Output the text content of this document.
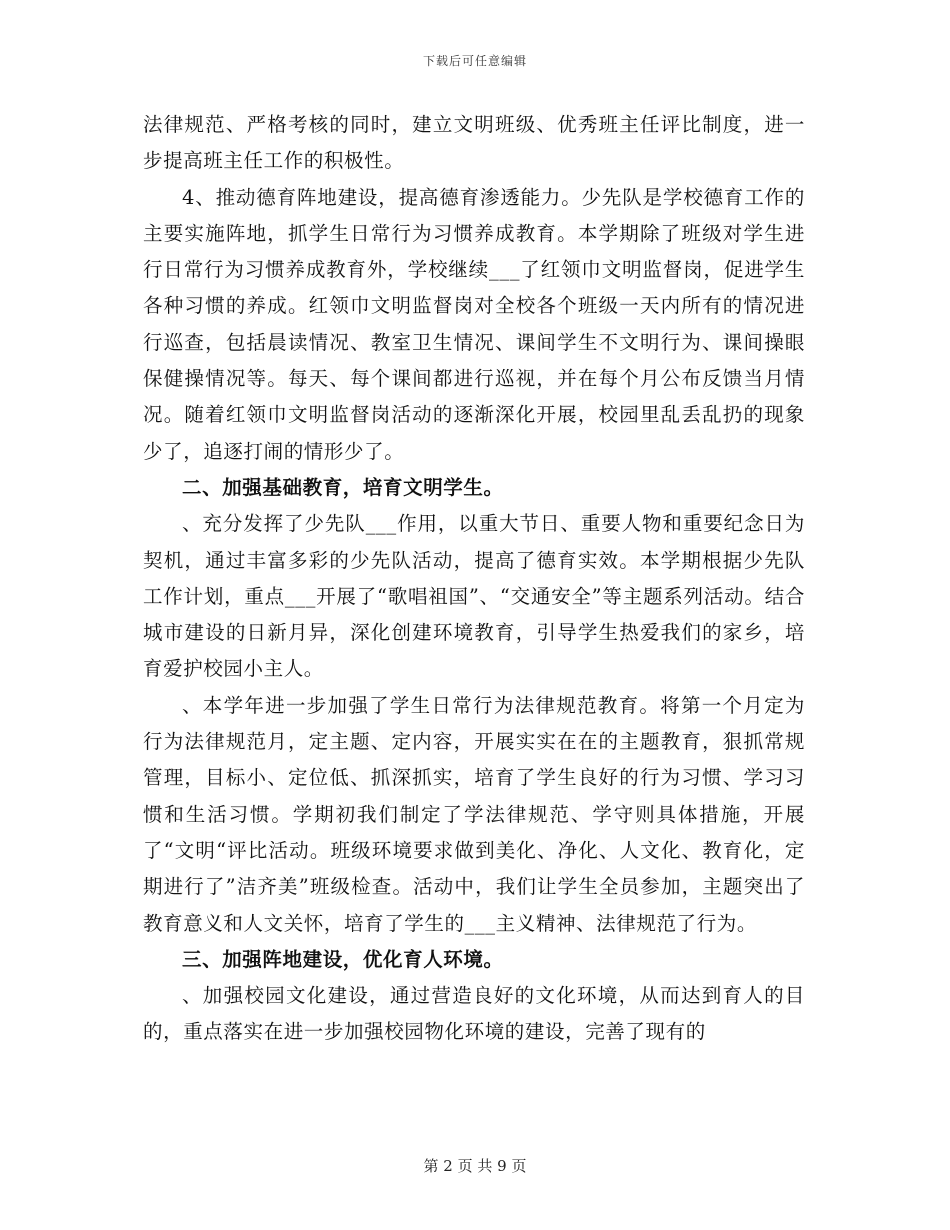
下载后可任意编辑

法律规范、严格考核的同时，建立文明班级、优秀班主任评比制度，进一步提高班主任工作的积极性。

4、推动德育阵地建设，提高德育渗透能力。少先队是学校德育工作的主要实施阵地，抓学生日常行为习惯养成教育。本学期除了班级对学生进行日常行为习惯养成教育外，学校继续___了红领巾文明监督岗，促进学生各种习惯的养成。红领巾文明监督岗对全校各个班级一天内所有的情况进行巡查，包括晨读情况、教室卫生情况、课间学生不文明行为、课间操眼保健操情况等。每天、每个课间都进行巡视，并在每个月公布反馈当月情况。随着红领巾文明监督岗活动的逐渐深化开展，校园里乱丢乱扔的现象少了，追逐打闹的情形少了。

二、加强基础教育，培育文明学生。

、充分发挥了少先队___作用，以重大节日、重要人物和重要纪念日为契机，通过丰富多彩的少先队活动，提高了德育实效。本学期根据少先队工作计划，重点___开展了“歌唱祖国”、“交通安全”等主题系列活动。结合城市建设的日新月异，深化创建环境教育，引导学生热爱我们的家乡，培育爱护校园小主人。

、本学年进一步加强了学生日常行为法律规范教育。将第一个月定为行为法律规范月，定主题、定内容，开展实实在在的主题教育，狠抓常规管理，目标小、定位低、抓深抓实，培育了学生良好的行为习惯、学习习惯和生活习惯。学期初我们制定了学法律规范、学守则具体措施，开展了“文明“评比活动。班级环境要求做到美化、净化、人文化、教育化，定期进行了”洁齐美”班级检查。活动中，我们让学生全员参加，主题突出了教育意义和人文关怀，培育了学生的___主义精神、法律规范了行为。

三、加强阵地建设，优化育人环境。

、加强校园文化建设，通过营造良好的文化环境，从而达到育人的目的，重点落实在进一步加强校园物化环境的建设，完善了现有的

第 2 页 共 9 页
